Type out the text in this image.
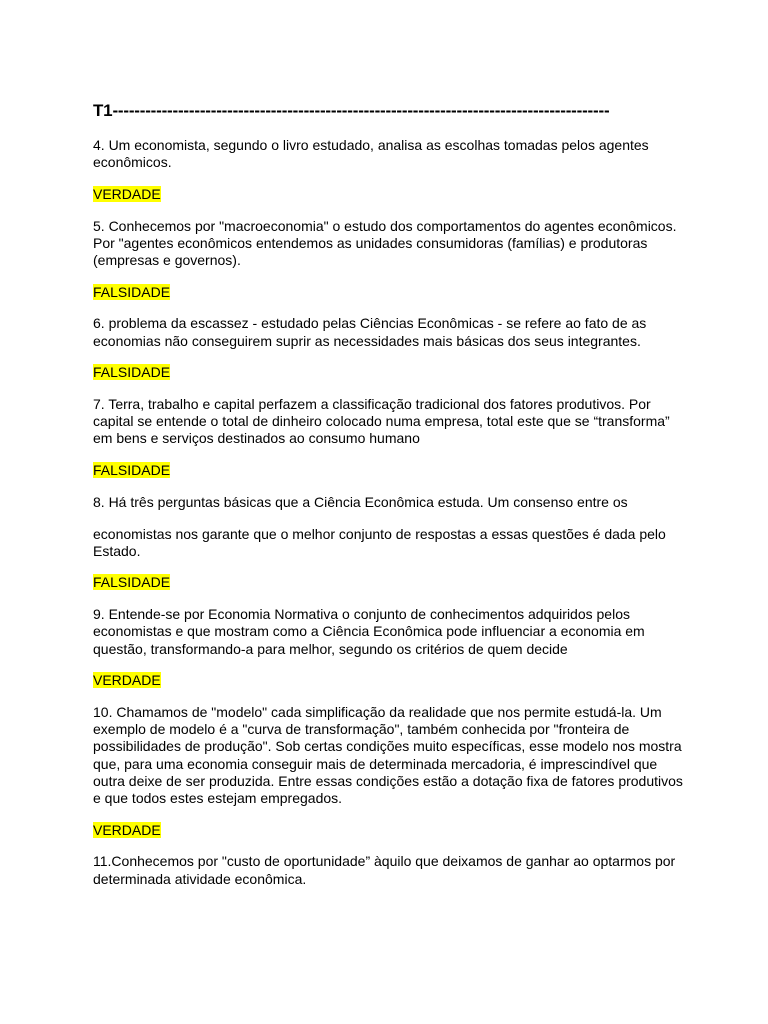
T1-------------------------------------------------------------------------------------------

4. Um economista, segundo o livro estudado, analisa as escolhas tomadas pelos agentes econômicos.

VERDADE

5. Conhecemos por "macroeconomia" o estudo dos comportamentos do agentes econômicos. Por "agentes econômicos entendemos as unidades consumidoras (famílias) e produtoras (empresas e governos).

FALSIDADE

6. problema da escassez - estudado pelas Ciências Econômicas - se refere ao fato de as economias não conseguirem suprir as necessidades mais básicas dos seus integrantes.

FALSIDADE

7. Terra, trabalho e capital perfazem a classificação tradicional dos fatores produtivos. Por capital se entende o total de dinheiro colocado numa empresa, total este que se “transforma” em bens e serviços destinados ao consumo humano

FALSIDADE

8. Há três perguntas básicas que a Ciência Econômica estuda. Um consenso entre os

economistas nos garante que o melhor conjunto de respostas a essas questões é dada pelo Estado.

FALSIDADE

9. Entende-se por Economia Normativa o conjunto de conhecimentos adquiridos pelos economistas e que mostram como a Ciência Econômica pode influenciar a economia em questão, transformando-a para melhor, segundo os critérios de quem decide

VERDADE

10. Chamamos de "modelo" cada simplificação da realidade que nos permite estudá-la. Um exemplo de modelo é a "curva de transformação", também conhecida por "fronteira de possibilidades de produção". Sob certas condições muito específicas, esse modelo nos mostra que, para uma economia conseguir mais de determinada mercadoria, é imprescindível que outra deixe de ser produzida. Entre essas condições estão a dotação fixa de fatores produtivos e que todos estes estejam empregados.

VERDADE

11.Conhecemos por "custo de oportunidade” àquilo que deixamos de ganhar ao optarmos por determinada atividade econômica.
